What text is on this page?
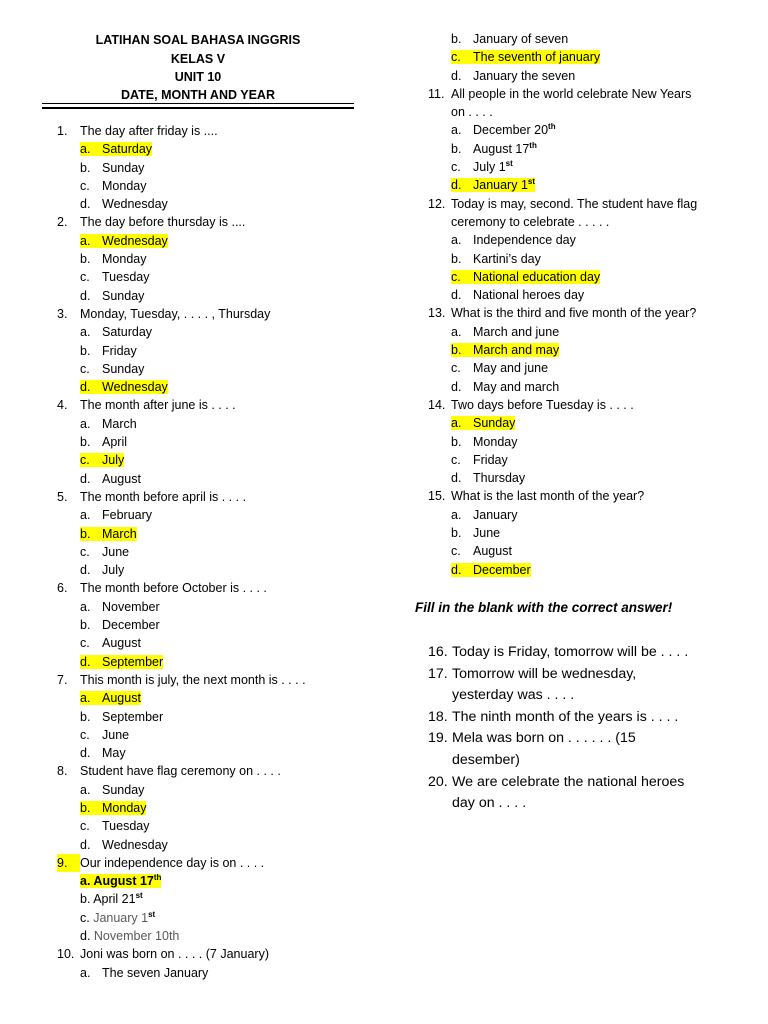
LATIHAN SOAL BAHASA INGGRIS
KELAS V
UNIT 10
DATE, MONTH AND YEAR
1. The day after friday is ....
a. Saturday
b. Sunday
c. Monday
d. Wednesday
2. The day before thursday is ....
a. Wednesday
b. Monday
c. Tuesday
d. Sunday
3. Monday, Tuesday, . . . . , Thursday
a. Saturday
b. Friday
c. Sunday
d. Wednesday
4. The month after june is . . . .
a. March
b. April
c. July
d. August
5. The month before april is . . . .
a. February
b. March
c. June
d. July
6. The month before October is . . . .
a. November
b. December
c. August
d. September
7. This month is july, the next month is . . . .
a. August
b. September
c. June
d. May
8. Student have flag ceremony on . . . .
a. Sunday
b. Monday
c. Tuesday
d. Wednesday
9. Our independence day is on . . . .
a. August 17th
b. April 21st
c. January 1st
d. November 10th
10. Joni was born on . . . . (7 January)
a. The seven January
b. January of seven
c. The seventh of january
d. January the seven
11. All people in the world celebrate New Years
on . . . .
a. December 20th
b. August 17th
c. July 1st
d. January 1st
12. Today is may, second. The student have flag
ceremony to celebrate . . . . .
a. Independence day
b. Kartini’s day
c. National education day
d. National heroes day
13. What is the third and five month of the year?
a. March and june
b. March and may
c. May and june
d. May and march
14. Two days before Tuesday is . . . .
a. Sunday
b. Monday
c. Friday
d. Thursday
15. What is the last month of the year?
a. January
b. June
c. August
d. December
Fill in the blank with the correct answer!
16. Today is Friday, tomorrow will be . . . .
17. Tomorrow will be wednesday,
yesterday was . . . .
18. The ninth month of the years is . . . .
19. Mela was born on . . . . . . (15
desember)
20. We are celebrate the national heroes
day on . . . .
